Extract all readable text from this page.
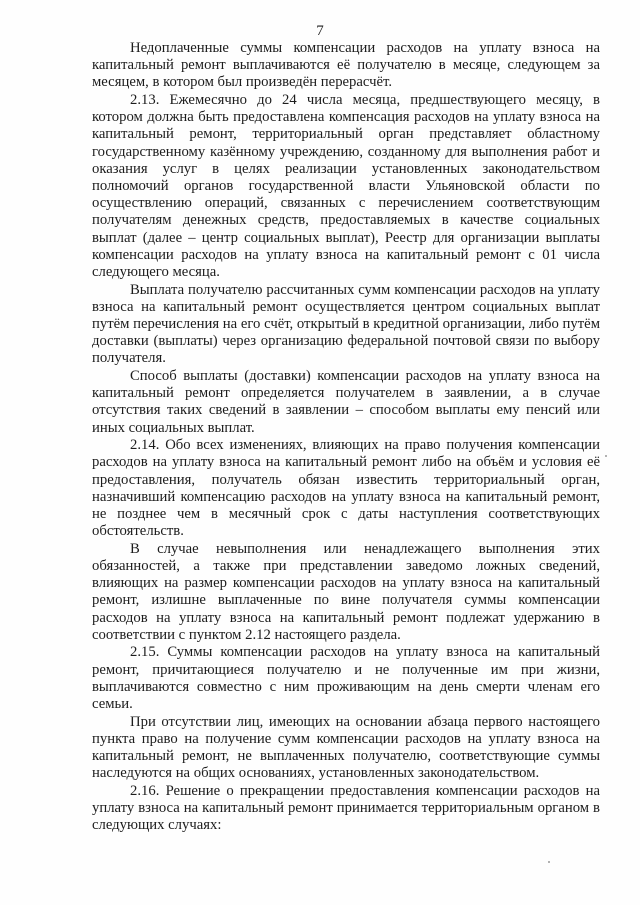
7

Недоплаченные суммы компенсации расходов на уплату взноса на капитальный ремонт выплачиваются её получателю в месяце, следующем за месяцем, в котором был произведён перерасчёт.

2.13. Ежемесячно до 24 числа месяца, предшествующего месяцу, в котором должна быть предоставлена компенсация расходов на уплату взноса на капитальный ремонт, территориальный орган представляет областному государственному казённому учреждению, созданному для выполнения работ и оказания услуг в целях реализации установленных законодательством полномочий органов государственной власти Ульяновской области по осуществлению операций, связанных с перечислением соответствующим получателям денежных средств, предоставляемых в качестве социальных выплат (далее – центр социальных выплат), Реестр для организации выплаты компенсации расходов на уплату взноса на капитальный ремонт с 01 числа следующего месяца.

Выплата получателю рассчитанных сумм компенсации расходов на уплату взноса на капитальный ремонт осуществляется центром социальных выплат путём перечисления на его счёт, открытый в кредитной организации, либо путём доставки (выплаты) через организацию федеральной почтовой связи по выбору получателя.

Способ выплаты (доставки) компенсации расходов на уплату взноса на капитальный ремонт определяется получателем в заявлении, а в случае отсутствия таких сведений в заявлении – способом выплаты ему пенсий или иных социальных выплат.

2.14. Обо всех изменениях, влияющих на право получения компенсации расходов на уплату взноса на капитальный ремонт либо на объём и условия её предоставления, получатель обязан известить территориальный орган, назначивший компенсацию расходов на уплату взноса на капитальный ремонт, не позднее чем в месячный срок с даты наступления соответствующих обстоятельств.

В случае невыполнения или ненадлежащего выполнения этих обязанностей, а также при представлении заведомо ложных сведений, влияющих на размер компенсации расходов на уплату взноса на капитальный ремонт, излишне выплаченные по вине получателя суммы компенсации расходов на уплату взноса на капитальный ремонт подлежат удержанию в соответствии с пунктом 2.12 настоящего раздела.

2.15. Суммы компенсации расходов на уплату взноса на капитальный ремонт, причитающиеся получателю и не полученные им при жизни, выплачиваются совместно с ним проживающим на день смерти членам его семьи.

При отсутствии лиц, имеющих на основании абзаца первого настоящего пункта право на получение сумм компенсации расходов на уплату взноса на капитальный ремонт, не выплаченных получателю, соответствующие суммы наследуются на общих основаниях, установленных законодательством.

2.16. Решение о прекращении предоставления компенсации расходов на уплату взноса на капитальный ремонт принимается территориальным органом в следующих случаях:
